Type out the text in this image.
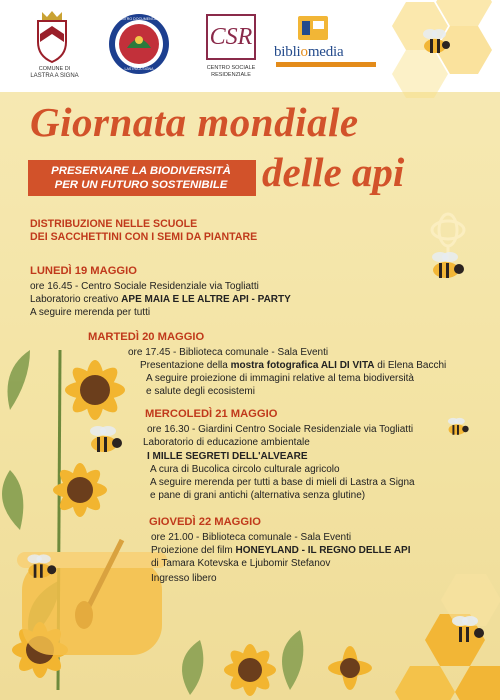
COMUNE DI
LASTRA A SIGNA
CENTRO DOCUMENTAZIONE
LASTRA A SIGNA
CSR
CENTRO SOCIALE
RESIDENZIALE
bibliomedia
Giornata mondiale
PRESERVARE LA BIODIVERSITÀ
PER UN FUTURO SOSTENIBILE delle api
DISTRIBUZIONE NELLE SCUOLE
DEI SACCHETTINI CON I SEMI DA PIANTARE
LUNEDÌ 19 MAGGIO
ore 16.45 - Centro Sociale Residenziale via Togliatti
Laboratorio creativo APE MAIA E LE ALTRE API - PARTY
A seguire merenda per tutti
MARTEDÌ 20 MAGGIO
ore 17.45 - Biblioteca comunale - Sala Eventi
Presentazione della mostra fotografica ALI DI VITA di Elena Bacchi
A seguire proiezione di immagini relative al tema biodiversità
e salute degli ecosistemi
MERCOLEDÌ 21 MAGGIO
ore 16.30 - Giardini Centro Sociale Residenziale via Togliatti
Laboratorio di educazione ambientale
I MILLE SEGRETI DELL'ALVEARE
A cura di Bucolica circolo culturale agricolo
A seguire merenda per tutti a base di mieli di Lastra a Signa
e pane di grani antichi (alternativa senza glutine)
GIOVEDÌ 22 MAGGIO
ore 21.00 - Biblioteca comunale - Sala Eventi
Proiezione del film HONEYLAND - IL REGNO DELLE API
di Tamara Kotevska e Ljubomir Stefanov
Ingresso libero
